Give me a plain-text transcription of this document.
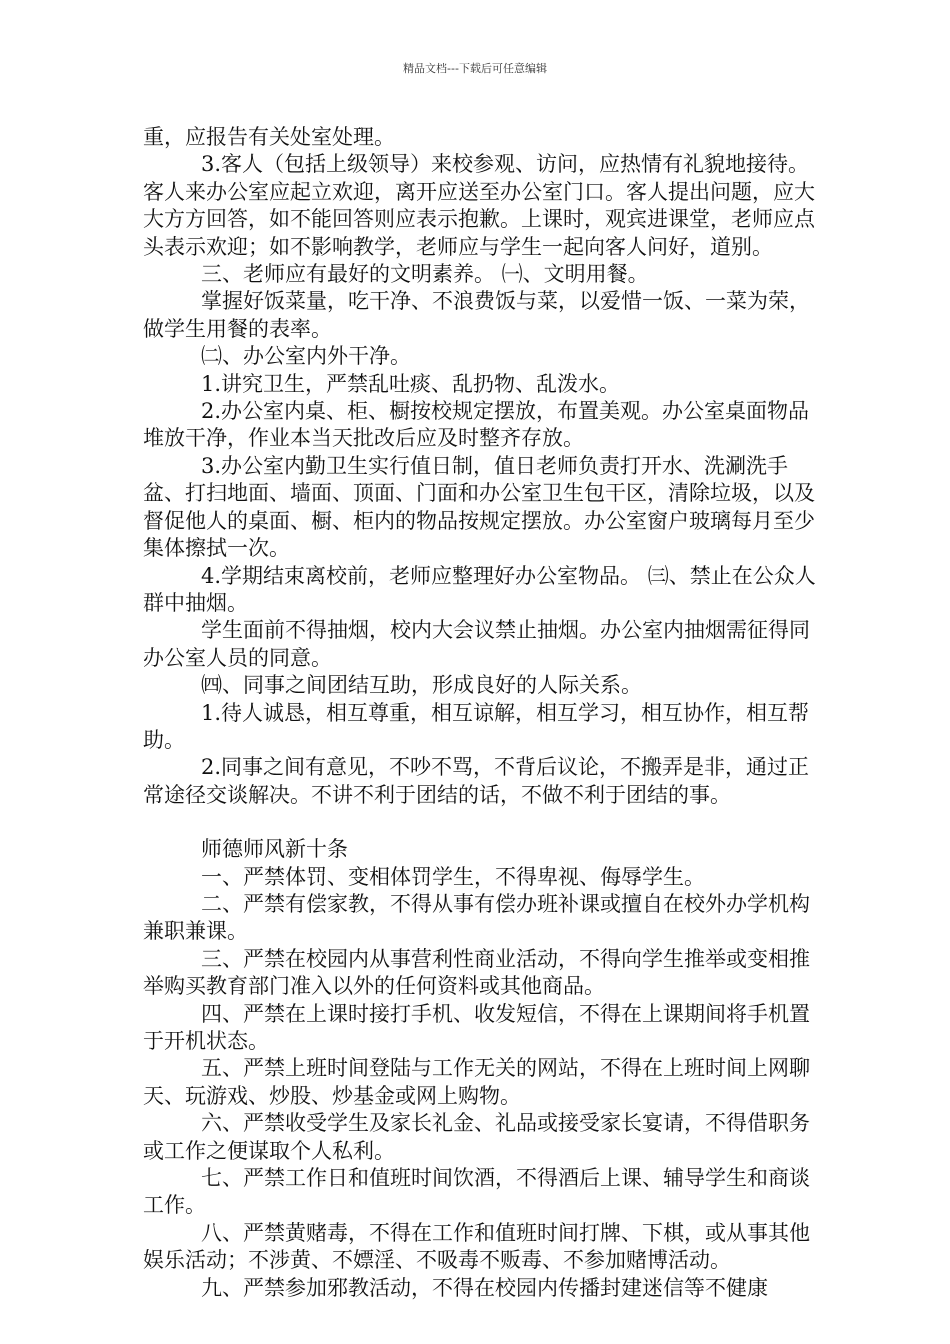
精品文档---下载后可任意编辑

重，应报告有关处室处理。

3.客人（包括上级领导）来校参观、访问，应热情有礼貌地接待。客人来办公室应起立欢迎，离开应送至办公室门口。客人提出问题，应大大方方回答，如不能回答则应表示抱歉。上课时，观宾进课堂，老师应点头表示欢迎；如不影响教学，老师应与学生一起向客人问好，道别。

三、老师应有最好的文明素养。 ㈠、文明用餐。

掌握好饭菜量，吃干净、不浪费饭与菜，以爱惜一饭、一菜为荣，做学生用餐的表率。

㈡、办公室内外干净。

1.讲究卫生，严禁乱吐痰、乱扔物、乱泼水。

2.办公室内桌、柜、橱按校规定摆放，布置美观。办公室桌面物品堆放干净，作业本当天批改后应及时整齐存放。

3.办公室内勤卫生实行值日制，值日老师负责打开水、洗涮洗手盆、打扫地面、墙面、顶面、门面和办公室卫生包干区，清除垃圾，以及督促他人的桌面、橱、柜内的物品按规定摆放。办公室窗户玻璃每月至少集体擦拭一次。

4.学期结束离校前，老师应整理好办公室物品。 ㈢、禁止在公众人群中抽烟。

学生面前不得抽烟，校内大会议禁止抽烟。办公室内抽烟需征得同办公室人员的同意。

㈣、同事之间团结互助，形成良好的人际关系。

1.待人诚恳，相互尊重，相互谅解，相互学习，相互协作，相互帮助。

2.同事之间有意见，不吵不骂，不背后议论，不搬弄是非，通过正常途径交谈解决。不讲不利于团结的话，不做不利于团结的事。

师德师风新十条

一、严禁体罚、变相体罚学生，不得卑视、侮辱学生。

二、严禁有偿家教，不得从事有偿办班补课或擅自在校外办学机构兼职兼课。

三、严禁在校园内从事营利性商业活动，不得向学生推举或变相推举购买教育部门准入以外的任何资料或其他商品。

四、严禁在上课时接打手机、收发短信，不得在上课期间将手机置于开机状态。

五、严禁上班时间登陆与工作无关的网站，不得在上班时间上网聊天、玩游戏、炒股、炒基金或网上购物。

六、严禁收受学生及家长礼金、礼品或接受家长宴请，不得借职务或工作之便谋取个人私利。

七、严禁工作日和值班时间饮酒，不得酒后上课、辅导学生和商谈工作。

八、严禁黄赌毒，不得在工作和值班时间打牌、下棋，或从事其他娱乐活动；不涉黄、不嫖淫、不吸毒不贩毒、不参加赌博活动。

九、严禁参加邪教活动，不得在校园内传播封建迷信等不健康
